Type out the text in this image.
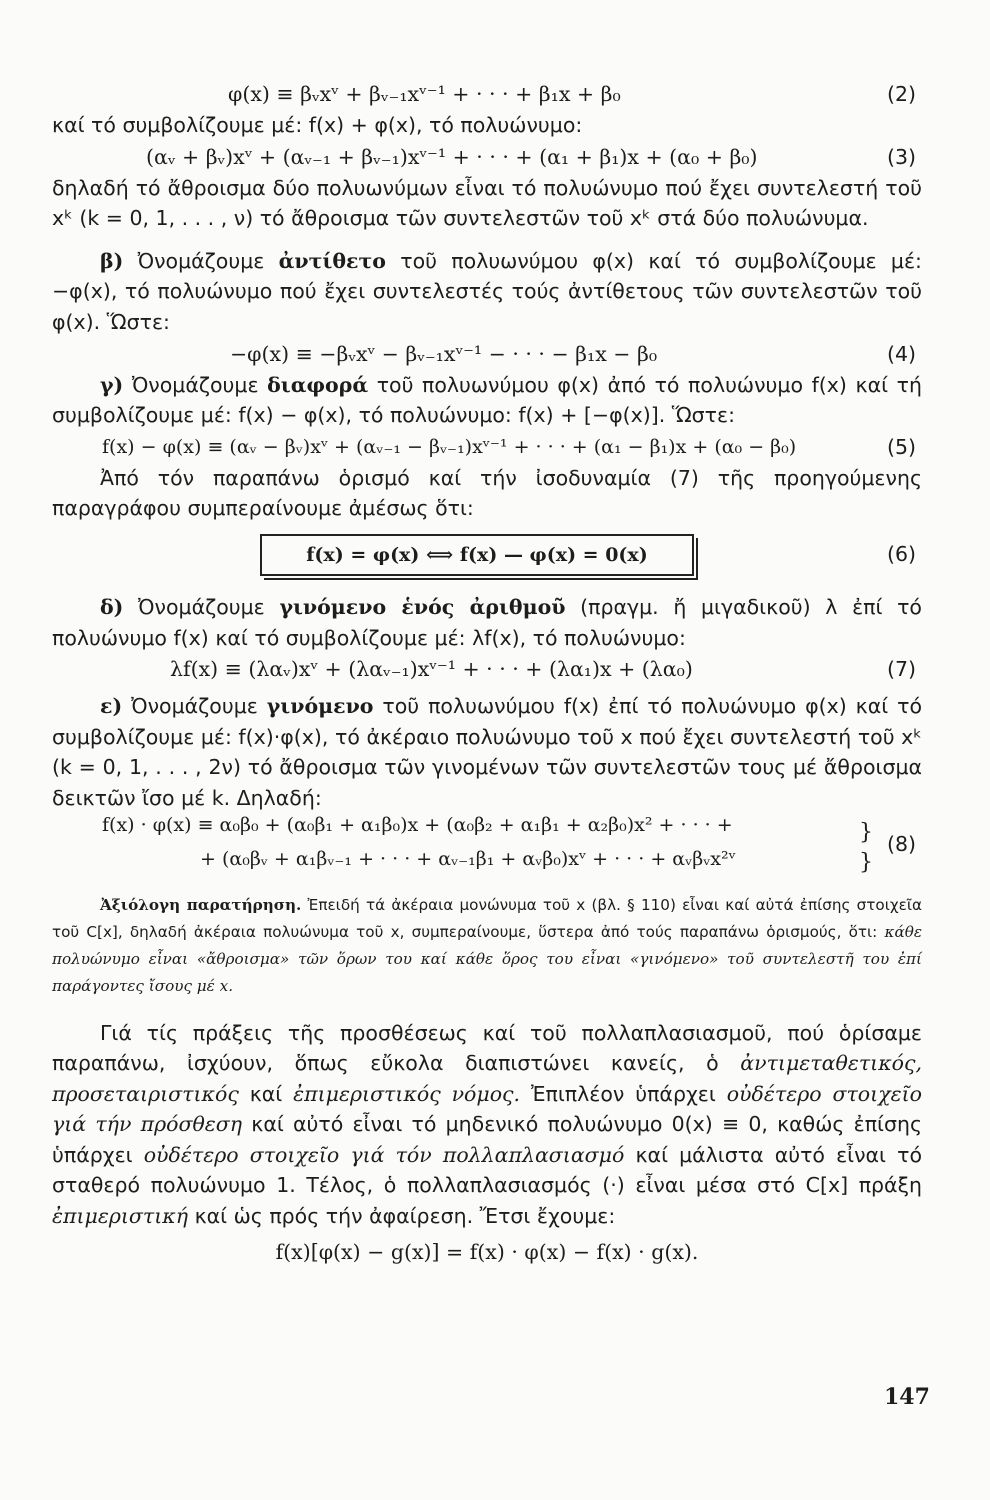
φ(x) ≡ βᵥxᵛ + βᵥ₋₁xᵛ⁻¹ + · · · + β₁x + β₀	(2)

καί τό συμβολίζουμε μέ: f(x) + φ(x), τό πολυώνυμο:

(αᵥ + βᵥ)xᵛ + (αᵥ₋₁ + βᵥ₋₁)xᵛ⁻¹ + · · · + (α₁ + β₁)x + (α₀ + β₀)	(3)

δηλαδή τό ἄθροισμα δύο πολυωνύμων εἶναι τό πολυώνυμο πού ἔχει συντελεστή τοῦ xᵏ (k = 0, 1, . . . , ν) τό ἄθροισμα τῶν συντελεστῶν τοῦ xᵏ στά δύο πολυώνυμα.

β) Ὀνομάζουμε ἀντίθετο τοῦ πολυωνύμου φ(x) καί τό συμβολίζουμε μέ: −φ(x), τό πολυώνυμο πού ἔχει συντελεστές τούς ἀντίθετους τῶν συντελεστῶν τοῦ φ(x). Ὥστε:

−φ(x) ≡ −βᵥxᵛ − βᵥ₋₁xᵛ⁻¹ − · · · − β₁x − β₀	(4)

γ) Ὀνομάζουμε διαφορά τοῦ πολυωνύμου φ(x) ἀπό τό πολυώνυμο f(x) καί τή συμβολίζουμε μέ: f(x) − φ(x), τό πολυώνυμο: f(x) + [−φ(x)]. Ὥστε:

f(x) − φ(x) ≡ (αᵥ − βᵥ)xᵛ + (αᵥ₋₁ − βᵥ₋₁)xᵛ⁻¹ + · · · + (α₁ − β₁)x + (α₀ − β₀)	(5)

Ἀπό τόν παραπάνω ὁρισμό καί τήν ἰσοδυναμία (7) τῆς προηγούμενης παραγράφου συμπεραίνουμε ἀμέσως ὅτι:

f(x) = φ(x) ⟺ f(x) — φ(x) = 0(x)	(6)

δ) Ὀνομάζουμε γινόμενο ἑνός ἀριθμοῦ (πραγμ. ἤ μιγαδικοῦ) λ ἐπί τό πολυώνυμο f(x) καί τό συμβολίζουμε μέ: λf(x), τό πολυώνυμο:

λf(x) ≡ (λαᵥ)xᵛ + (λαᵥ₋₁)xᵛ⁻¹ + · · · + (λα₁)x + (λα₀)	(7)

ε) Ὀνομάζουμε γινόμενο τοῦ πολυωνύμου f(x) ἐπί τό πολυώνυμο φ(x) καί τό συμβολίζουμε μέ: f(x)·φ(x), τό ἀκέραιο πολυώνυμο τοῦ x πού ἔχει συντελεστή τοῦ xᵏ (k = 0, 1, . . . , 2ν) τό ἄθροισμα τῶν γινομένων τῶν συντελεστῶν τους μέ ἄθροισμα δεικτῶν ἴσο μέ k. Δηλαδή:

f(x) · φ(x) ≡ α₀β₀ + (α₀β₁ + α₁β₀)x + (α₀β₂ + α₁β₁ + α₂β₀)x² + · · · +
+ (α₀βᵥ + α₁βᵥ₋₁ + · · · + αᵥ₋₁β₁ + αᵥβ₀)xᵛ + · · · + αᵥβᵥx²ᵛ
}
}
(8)

Ἀξιόλογη παρατήρηση. Ἐπειδή τά ἀκέραια μονώνυμα τοῦ x (βλ. § 110) εἶναι καί αὐτά ἐπίσης στοιχεῖα τοῦ C[x], δηλαδή ἀκέραια πολυώνυμα τοῦ x, συμπεραίνουμε, ὕστερα ἀπό τούς παραπάνω ὁρισμούς, ὅτι: κάθε πολυώνυμο εἶναι «ἄθροισμα» τῶν ὅρων του καί κάθε ὅρος του εἶναι «γινόμενο» τοῦ συντελεστῆ του ἐπί παράγοντες ἴσους μέ x.

Γιά τίς πράξεις τῆς προσθέσεως καί τοῦ πολλαπλασιασμοῦ, πού ὁρίσαμε παραπάνω, ἰσχύουν, ὅπως εὔκολα διαπιστώνει κανείς, ὁ ἀντιμεταθετικός, προσεταιριστικός καί ἐπιμεριστικός νόμος. Ἐπιπλέον ὑπάρχει οὐδέτερο στοιχεῖο γιά τήν πρόσθεση καί αὐτό εἶναι τό μηδενικό πολυώνυμο 0(x) ≡ 0, καθώς ἐπίσης ὑπάρχει οὐδέτερο στοιχεῖο γιά τόν πολλαπλασιασμό καί μάλιστα αὐτό εἶναι τό σταθερό πολυώνυμο 1. Τέλος, ὁ πολλαπλασιασμός (·) εἶναι μέσα στό C[x] πράξη ἐπιμεριστική καί ὡς πρός τήν ἀφαίρεση. Ἔτσι ἔχουμε:

f(x)[φ(x) − g(x)] = f(x) · φ(x) − f(x) · g(x).
147
